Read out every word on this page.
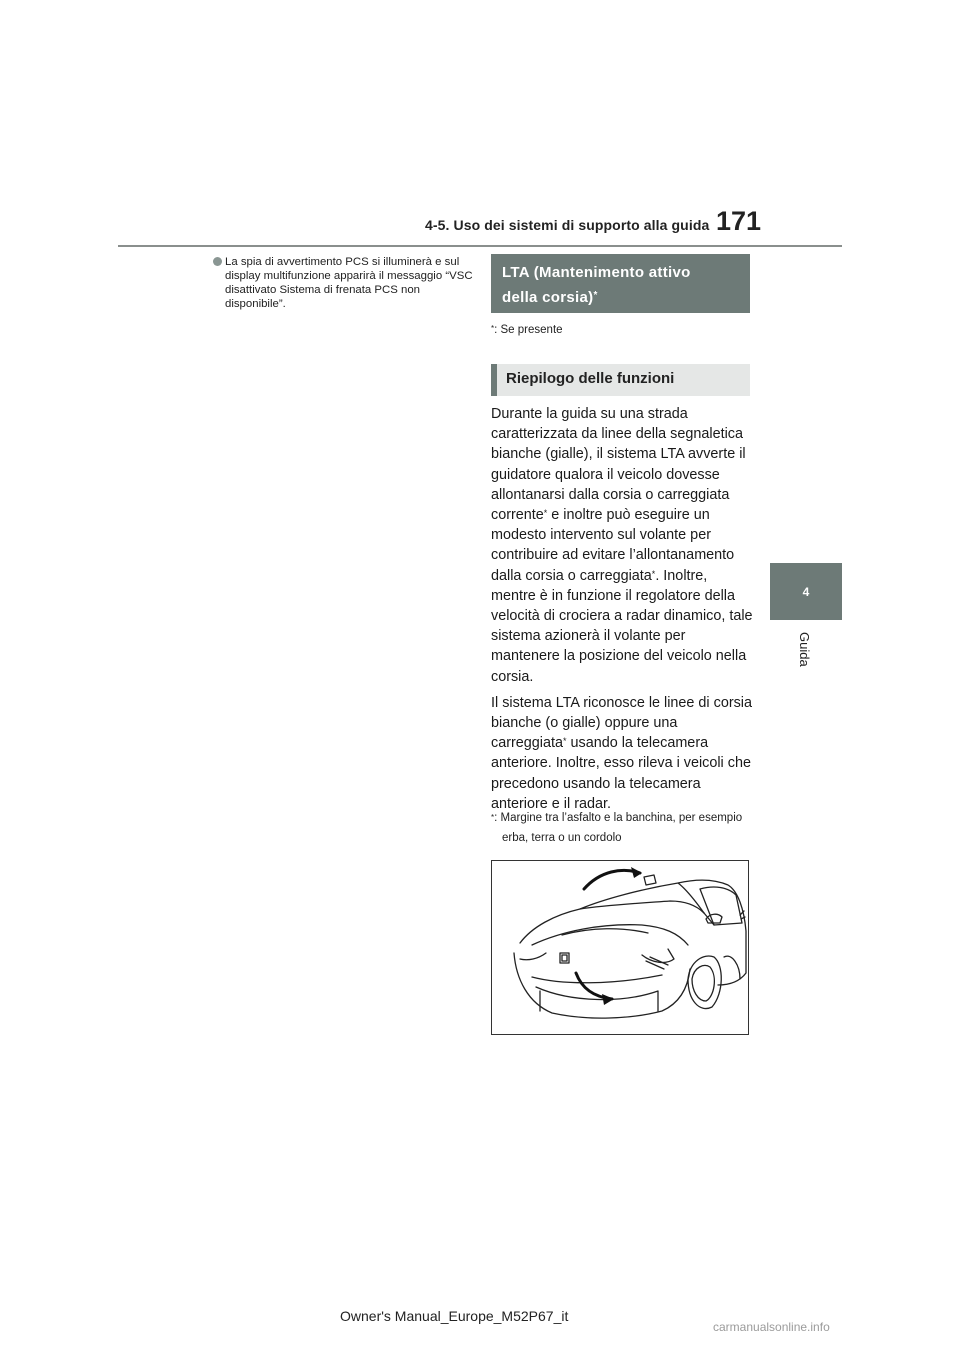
4-5. Uso dei sistemi di supporto alla guida 171
4
Guida
La spia di avvertimento PCS si illuminerà e sul display multifunzione apparirà il messaggio “VSC disattivato Sistema di frenata PCS non disponibile”.
LTA (Mantenimento attivo
della corsia)*
*: Se presente
Riepilogo delle funzioni

Durante la guida su una strada caratterizzata da linee della segnaletica bianche (gialle), il sistema LTA avverte il guidatore qualora il veicolo dovesse allontanarsi dalla corsia o carreggiata corrente* e inoltre può eseguire un modesto intervento sul volante per contribuire ad evitare l’allontanamento dalla corsia o carreggiata*. Inoltre, mentre è in funzione il regolatore della velocità di crociera a radar dinamico, tale sistema azionerà il volante per mantenere la posizione del veicolo nella corsia.

Il sistema LTA riconosce le linee di corsia bianche (o gialle) oppure una carreggiata* usando la telecamera anteriore. Inoltre, esso rileva i veicoli che precedono usando la telecamera anteriore e il radar.

*: Margine tra l’asfalto e la banchina, per esempio erba, terra o un cordolo
Owner's Manual_Europe_M52P67_it
carmanualsonline.info
